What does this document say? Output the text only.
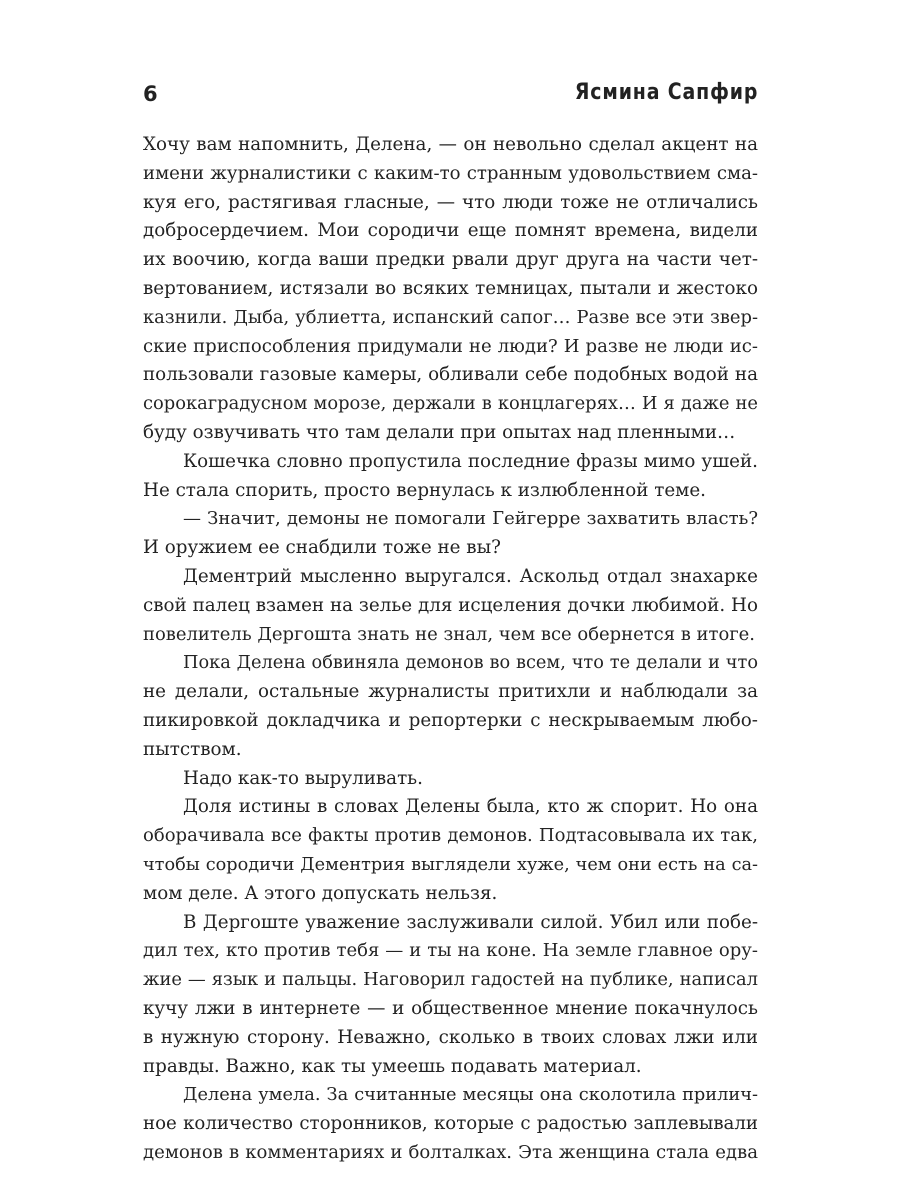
6	Ясмина Сапфир

Хочу вам напомнить, Делена, — он невольно сделал акцент на

имени журналистики с каким-то странным удовольствием сма-

куя его, растягивая гласные, — что люди тоже не отличались

добросердечием. Мои сородичи еще помнят времена, видели

их воочию, когда ваши предки рвали друг друга на части чет-

вертованием, истязали во всяких темницах, пытали и жестоко

казнили. Дыба, ублиетта, испанский сапог… Разве все эти звер-

ские приспособления придумали не люди? И разве не люди ис-

пользовали газовые камеры, обливали себе подобных водой на

сорокаградусном морозе, держали в концлагерях… И я даже не

буду озвучивать что там делали при опытах над пленными…

Кошечка словно пропустила последние фразы мимо ушей.

Не стала спорить, просто вернулась к излюбленной теме.

— Значит, демоны не помогали Гейгерре захватить власть?

И оружием ее снабдили тоже не вы?

Дементрий мысленно выругался. Аскольд отдал знахарке

свой палец взамен на зелье для исцеления дочки любимой. Но

повелитель Дергошта знать не знал, чем все обернется в итоге.

Пока Делена обвиняла демонов во всем, что те делали и что

не делали, остальные журналисты притихли и наблюдали за

пикировкой докладчика и репортерки с нескрываемым любо-

пытством.

Надо как-то выруливать.

Доля истины в словах Делены была, кто ж спорит. Но она

оборачивала все факты против демонов. Подтасовывала их так,

чтобы сородичи Дементрия выглядели хуже, чем они есть на са-

мом деле. А этого допускать нельзя.

В Дергоште уважение заслуживали силой. Убил или побе-

дил тех, кто против тебя — и ты на коне. На земле главное ору-

жие — язык и пальцы. Наговорил гадостей на публике, написал

кучу лжи в интернете — и общественное мнение покачнулось

в нужную сторону. Неважно, сколько в твоих словах лжи или

правды. Важно, как ты умеешь подавать материал.

Делена умела. За считанные месяцы она сколотила прилич-

ное количество сторонников, которые с радостью заплевывали

демонов в комментариях и болталках. Эта женщина стала едва
